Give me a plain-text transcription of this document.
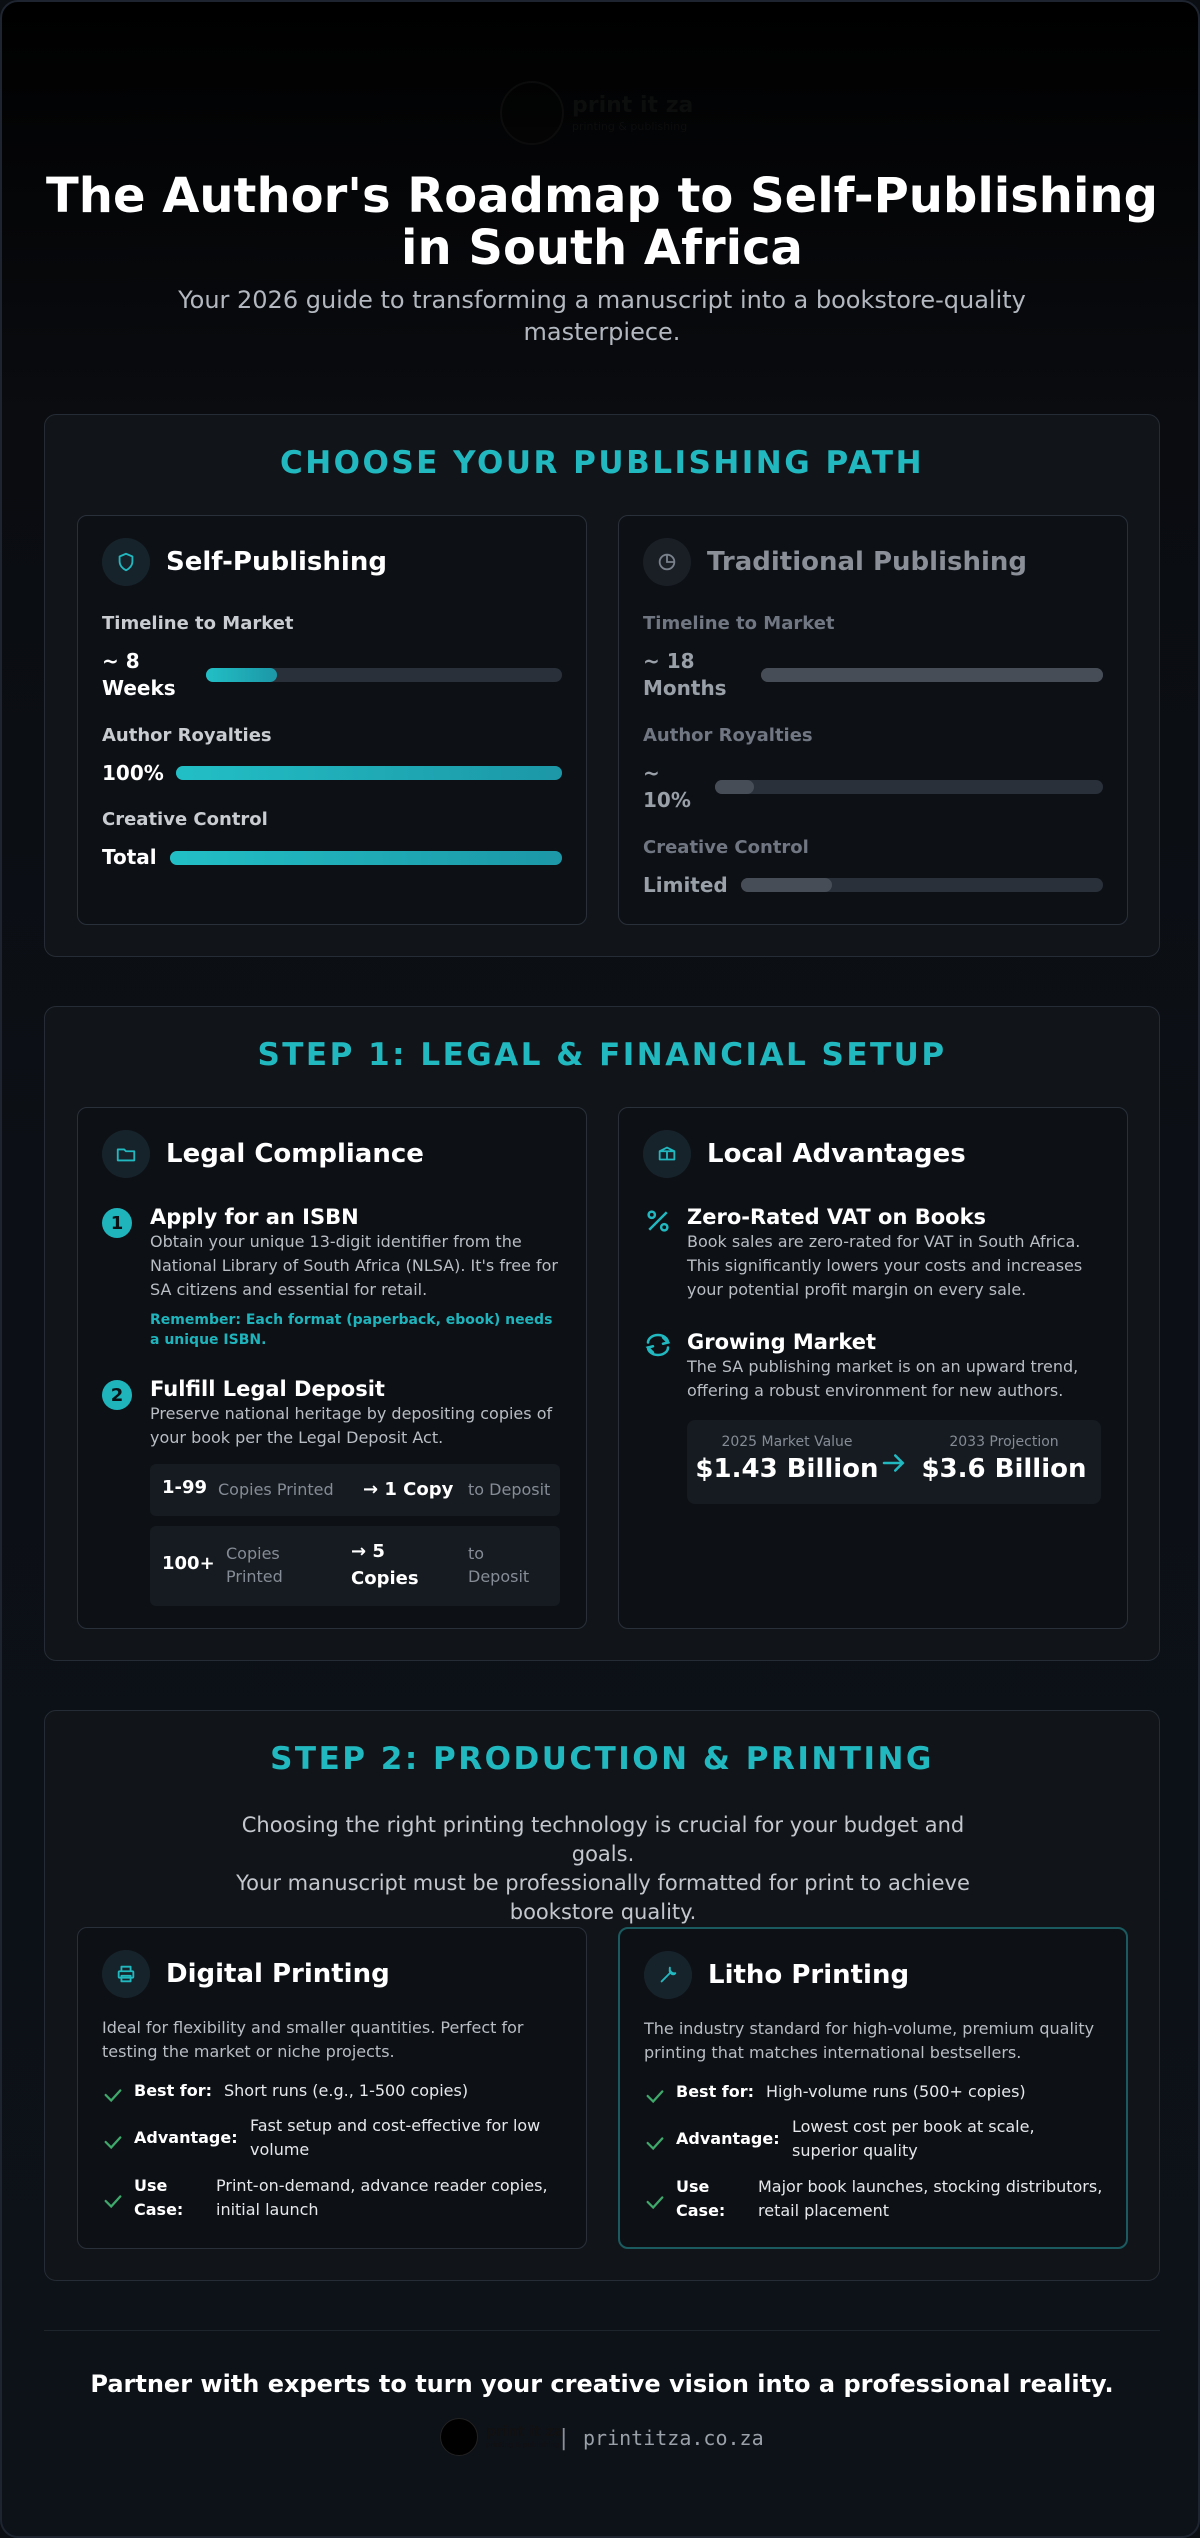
print it za
printing & publishing
The Author's Roadmap to Self-Publishing in South Africa

Your 2026 guide to transforming a manuscript into a bookstore-quality masterpiece.

CHOOSE YOUR PUBLISHING PATH
Self-Publishing
Timeline to Market
~ 8
Weeks
Author Royalties
100%
Creative Control
Total
Traditional Publishing
Timeline to Market
~ 18
Months
Author Royalties
~
10%
Creative Control
Limited
STEP 1: LEGAL & FINANCIAL SETUP
Legal Compliance
1	Apply for an ISBN
Obtain your unique 13-digit identifier from the
National Library of South Africa (NLSA). It's free for
SA citizens and essential for retail.
Remember: Each format (paperback, ebook) needs
a unique ISBN.
2	Fulfill Legal Deposit
Preserve national heritage by depositing copies of
your book per the Legal Deposit Act.
1-99 Copies Printed → 1 Copy to Deposit
100+ Copies
Printed
→ 5
Copies
to
Deposit
Local Advantages
Zero-Rated VAT on Books
Book sales are zero-rated for VAT in South Africa.
This significantly lowers your costs and increases
your potential profit margin on every sale.
Growing Market
The SA publishing market is on an upward trend,
offering a robust environment for new authors.
2025 Market Value
$1.43 Billion
2033 Projection
$3.6 Billion
STEP 2: PRODUCTION & PRINTING
Choosing the right printing technology is crucial for your budget and goals.
Your manuscript must be professionally formatted for print to achieve
bookstore quality.
Digital Printing
Ideal for flexibility and smaller quantities. Perfect for
testing the market or niche projects.
Best for: Short runs (e.g., 1-500 copies)
Advantage:
Fast setup and cost-effective for low
volume
Use
Case:
Print-on-demand, advance reader copies,
initial launch
Litho Printing
The industry standard for high-volume, premium quality
printing that matches international bestsellers.
Best for: High-volume runs (500+ copies)
Advantage:
Lowest cost per book at scale,
superior quality
Use
Case:
Major book launches, stocking distributors,
retail placement
Partner with experts to turn your creative vision into a professional reality.
print it za
printing & publishing | printitza.co.za
